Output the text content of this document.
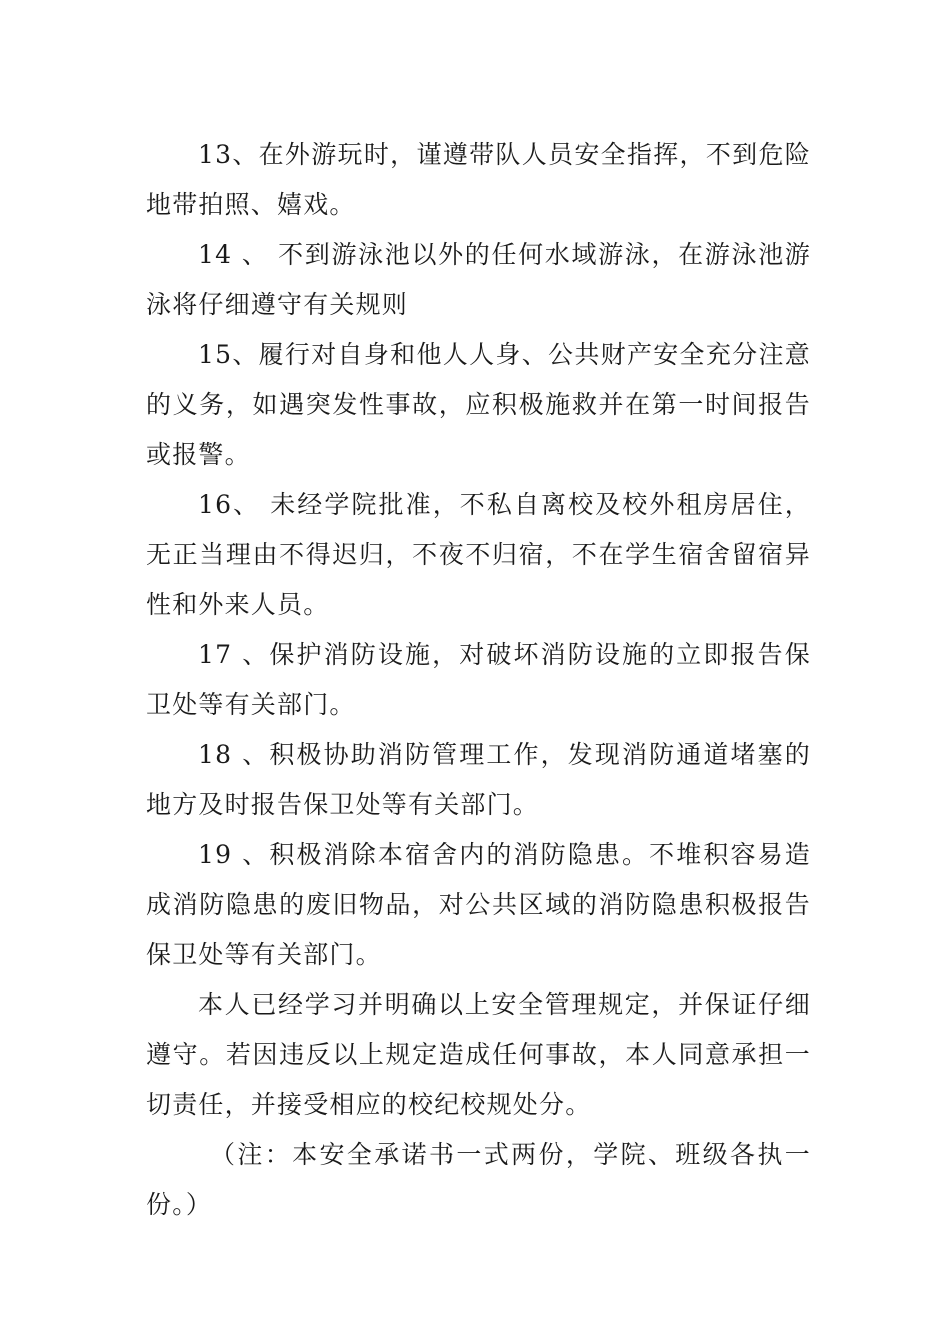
13、在外游玩时，谨遵带队人员安全指挥，不到危险地带拍照、嬉戏。

14 、 不到游泳池以外的任何水域游泳，在游泳池游泳将仔细遵守有关规则

15、履行对自身和他人人身、公共财产安全充分注意的义务，如遇突发性事故，应积极施救并在第一时间报告或报警。

16、 未经学院批准，不私自离校及校外租房居住，无正当理由不得迟归，不夜不归宿，不在学生宿舍留宿异性和外来人员。

17 、保护消防设施，对破坏消防设施的立即报告保卫处等有关部门。

18 、积极协助消防管理工作，发现消防通道堵塞的地方及时报告保卫处等有关部门。

19 、积极消除本宿舍内的消防隐患。不堆积容易造成消防隐患的废旧物品，对公共区域的消防隐患积极报告保卫处等有关部门。

本人已经学习并明确以上安全管理规定，并保证仔细遵守。若因违反以上规定造成任何事故，本人同意承担一切责任，并接受相应的校纪校规处分。

（注：本安全承诺书一式两份，学院、班级各执一份。）
